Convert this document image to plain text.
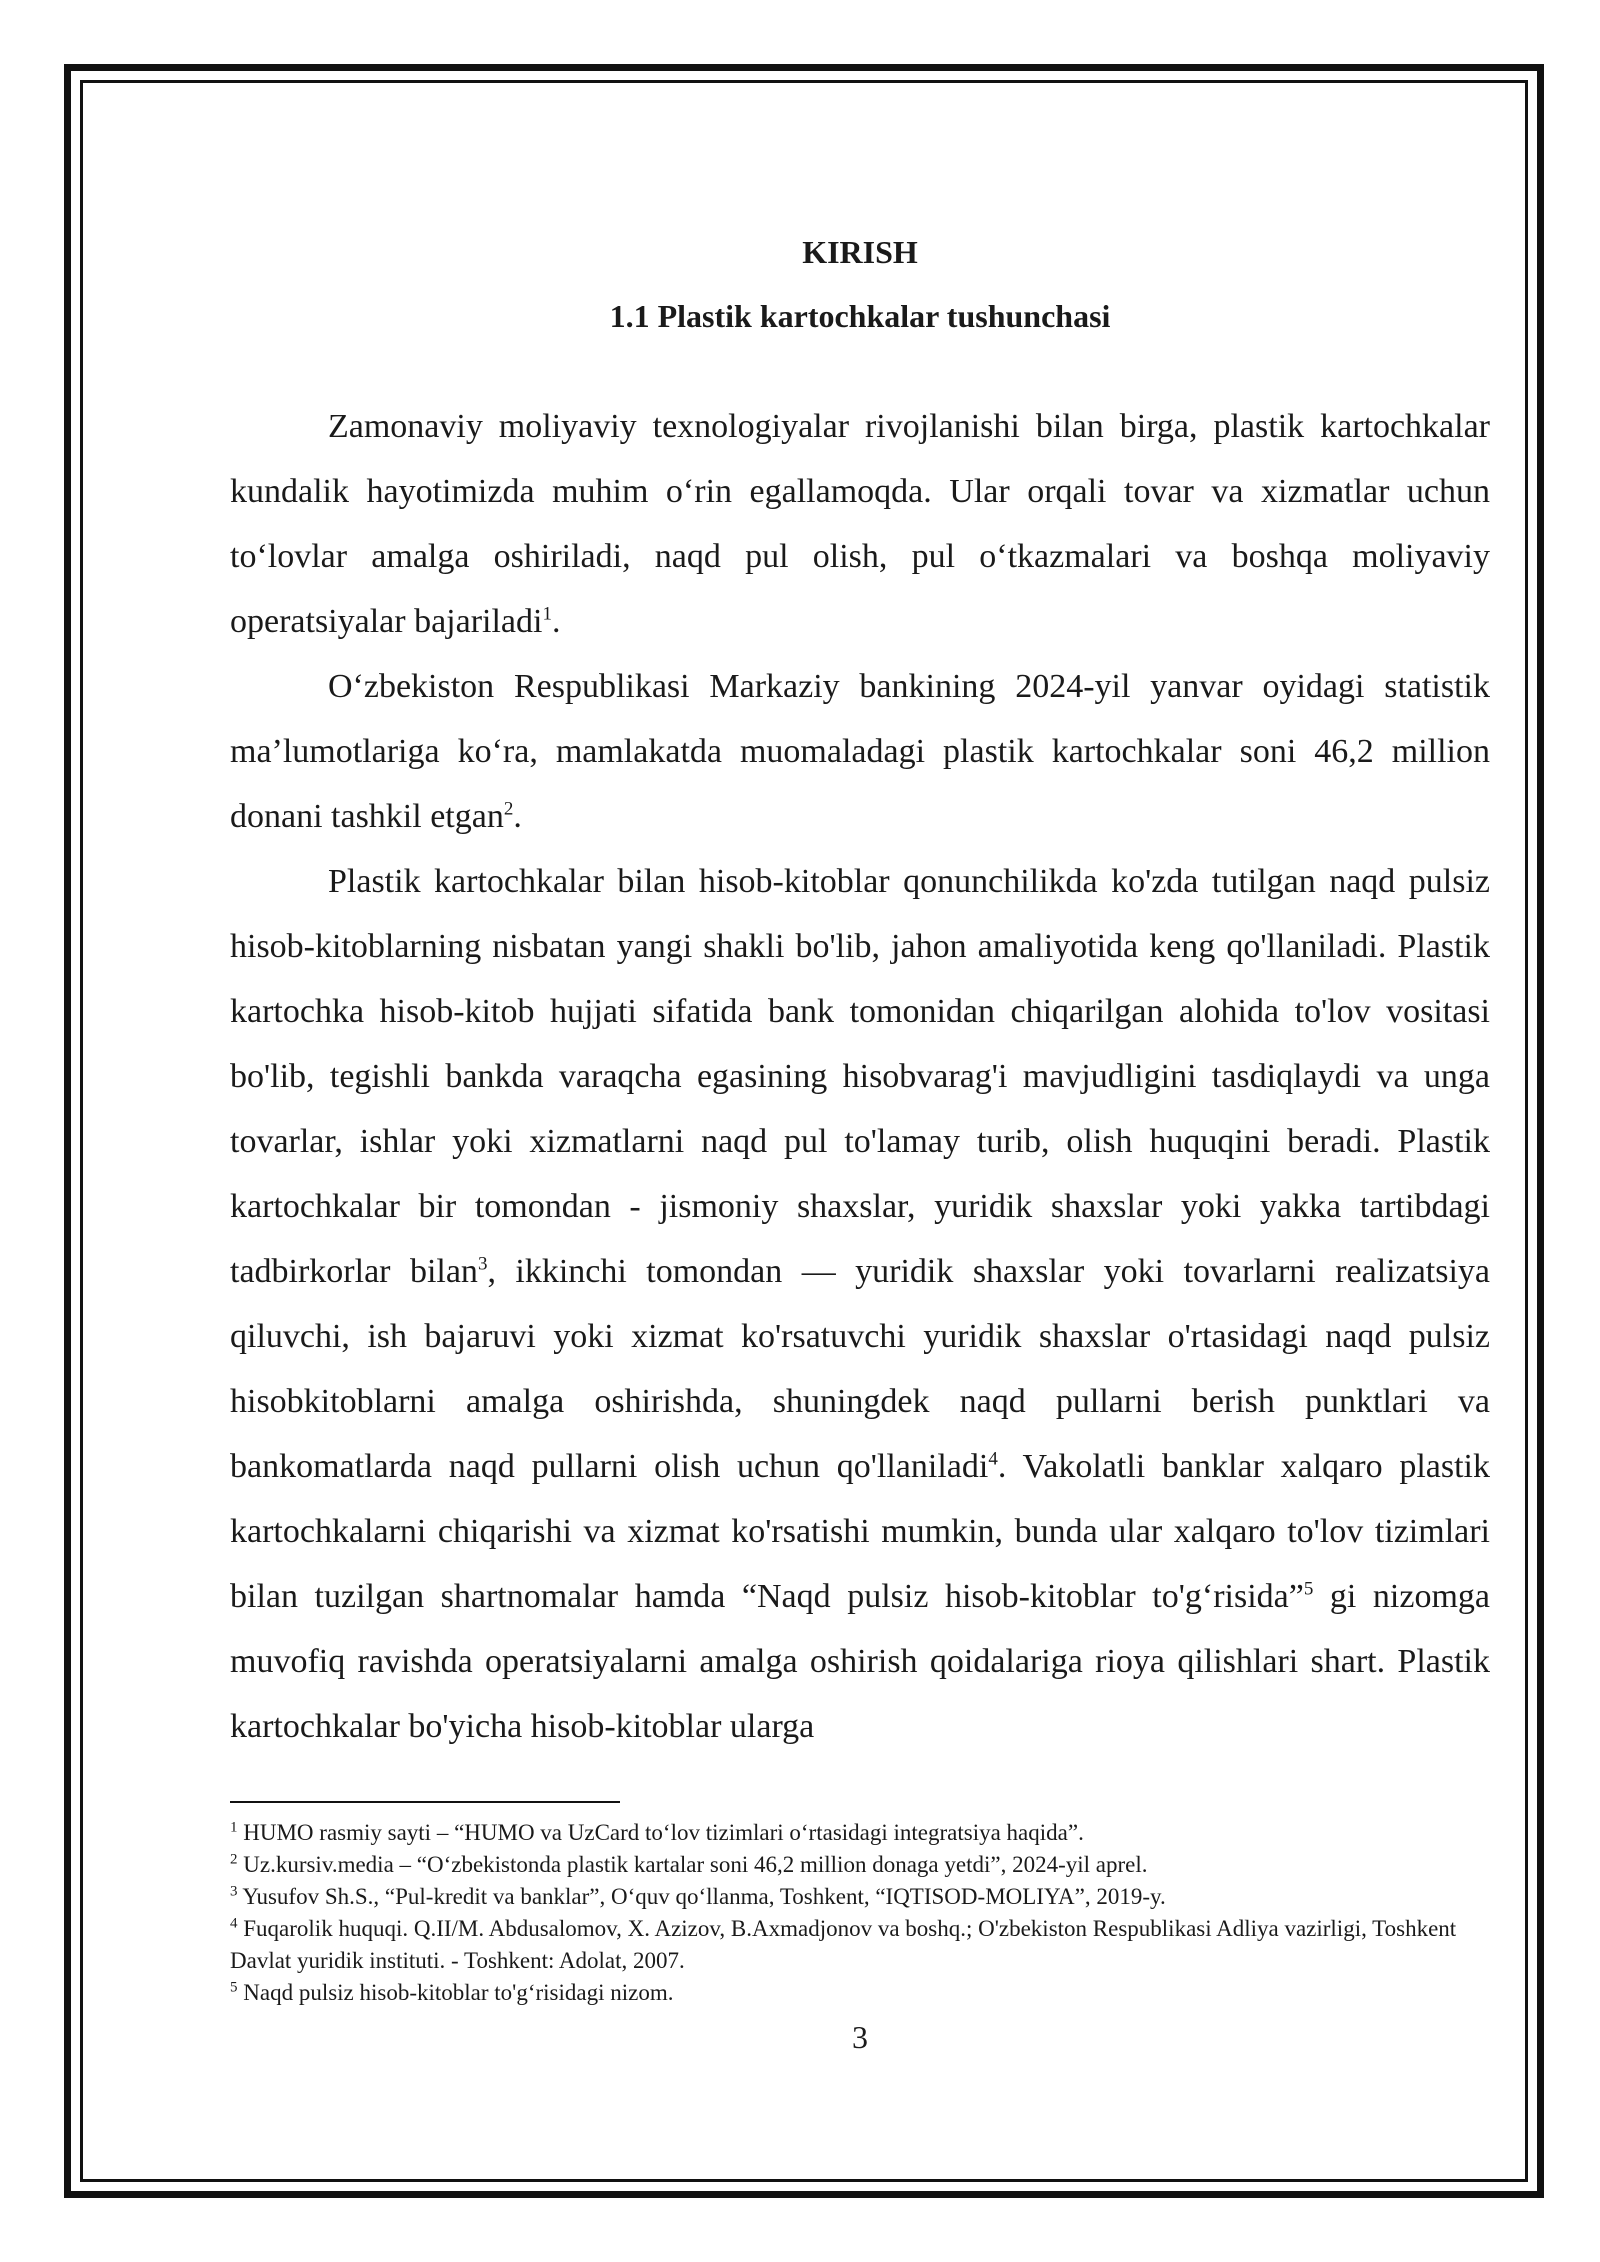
KIRISH
1.1 Plastik kartochkalar tushunchasi

Zamonaviy moliyaviy texnologiyalar rivojlanishi bilan birga, plastik kartochkalar kundalik hayotimizda muhim o‘rin egallamoqda. Ular orqali tovar va xizmatlar uchun to‘lovlar amalga oshiriladi, naqd pul olish, pul o‘tkazmalari va boshqa moliyaviy operatsiyalar bajariladi$^1$.

O‘zbekiston Respublikasi Markaziy bankining 2024-yil yanvar oyidagi statistik ma’lumotlariga ko‘ra, mamlakatda muomaladagi plastik kartochkalar soni 46,2 million donani tashkil etgan$^2$.

Plastik kartochkalar bilan hisob-kitoblar qonunchilikda ko'zda tutilgan naqd pulsiz hisob-kitoblarning nisbatan yangi shakli bo'lib, jahon amaliyotida keng qo'llaniladi. Plastik kartochka hisob-kitob hujjati sifatida bank tomonidan chiqarilgan alohida to'lov vositasi bo'lib, tegishli bankda varaqcha egasining hisobvarag'i mavjudligini tasdiqlaydi va unga tovarlar, ishlar yoki xizmatlarni naqd pul to'lamay turib, olish huquqini beradi. Plastik kartochkalar bir tomondan - jismoniy shaxslar, yuridik shaxslar yoki yakka tartibdagi tadbirkorlar bilan$^3$, ikkinchi tomondan — yuridik shaxslar yoki tovarlarni realizatsiya qiluvchi, ish bajaruvi yoki xizmat ko'rsatuvchi yuridik shaxslar o'rtasidagi naqd pulsiz hisobkitoblarni amalga oshirishda, shuningdek naqd pullarni berish punktlari va bankomatlarda naqd pullarni olish uchun qo'llaniladi$^4$. Vakolatli banklar xalqaro plastik kartochkalarni chiqarishi va xizmat ko'rsatishi mumkin, bunda ular xalqaro to'lov tizimlari bilan tuzilgan shartnomalar hamda “Naqd pulsiz hisob-kitoblar to'g‘risida”$^5$ gi nizomga muvofiq ravishda operatsiyalarni amalga oshirish qoidalariga rioya qilishlari shart. Plastik kartochkalar bo'yicha hisob-kitoblar ularga

$^1$ HUMO rasmiy sayti – “HUMO va UzCard to‘lov tizimlari o‘rtasidagi integratsiya haqida”.

$^2$ Uz.kursiv.media – “O‘zbekistonda plastik kartalar soni 46,2 million donaga yetdi”, 2024-yil aprel.

$^3$ Yusufov Sh.S., “Pul-kredit va banklar”, O‘quv qo‘llanma, Toshkent, “IQTISOD-MOLIYA”, 2019-y.

$^4$ Fuqarolik huquqi. Q.II/M. Abdusalomov, X. Azizov, B.Axmadjonov va boshq.; O'zbekiston Respublikasi Adliya vazirligi, Toshkent Davlat yuridik instituti. - Toshkent: Adolat, 2007.

$^5$ Naqd pulsiz hisob-kitoblar to'g‘risidagi nizom.

3
